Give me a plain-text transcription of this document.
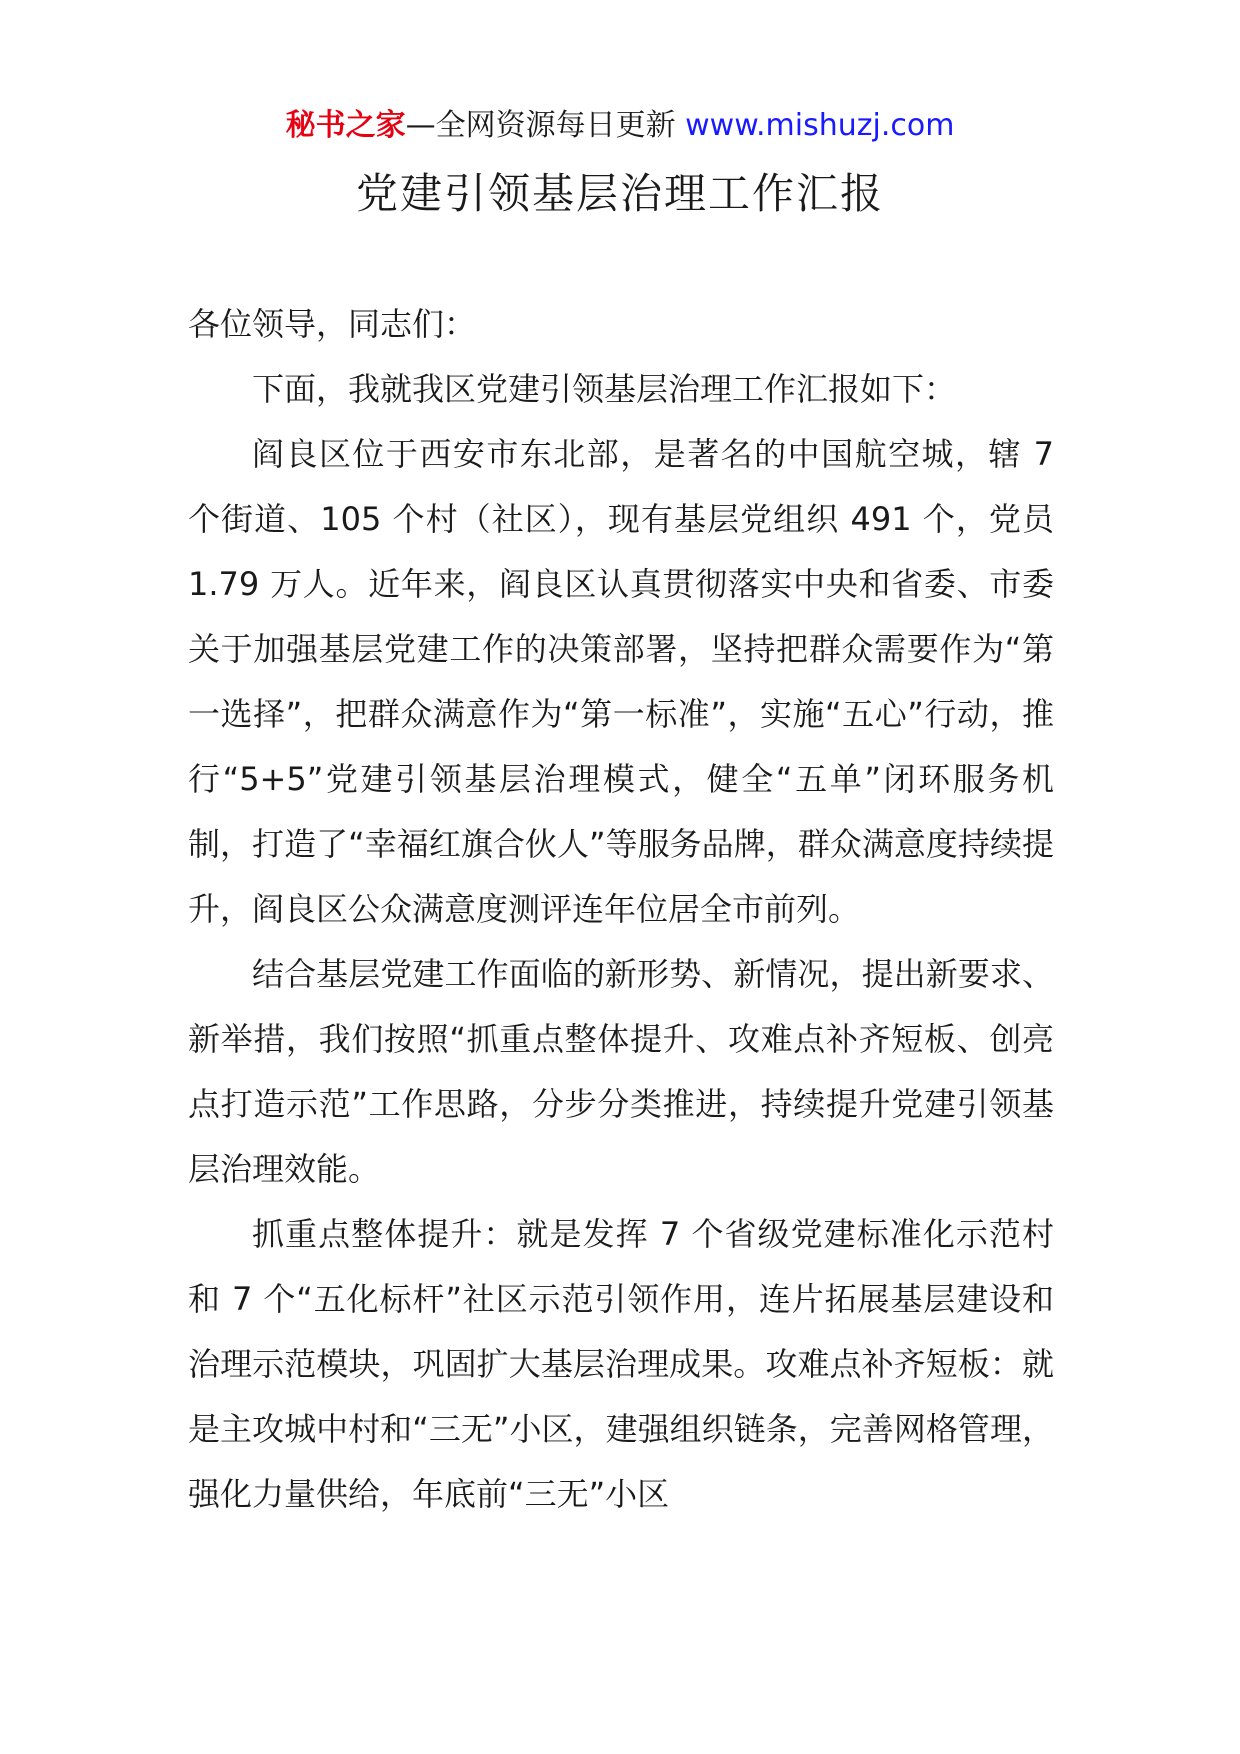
秘书之家—全网资源每日更新 www.mishuzj.com
党建引领基层治理工作汇报

各位领导，同志们：

下面，我就我区党建引领基层治理工作汇报如下：

阎良区位于西安市东北部，是著名的中国航空城，辖 7 个街道、105 个村（社区），现有基层党组织 491 个，党员 1.79 万人。近年来，阎良区认真贯彻落实中央和省委、市委关于加强基层党建工作的决策部署，坚持把群众需要作为“第一选择”，把群众满意作为“第一标准”，实施“五心”行动，推行“5+5”党建引领基层治理模式，健全“五单”闭环服务机制，打造了“幸福红旗合伙人”等服务品牌，群众满意度持续提升，阎良区公众满意度测评连年位居全市前列。

结合基层党建工作面临的新形势、新情况，提出新要求、新举措，我们按照“抓重点整体提升、攻难点补齐短板、创亮点打造示范”工作思路，分步分类推进，持续提升党建引领基层治理效能。

抓重点整体提升：就是发挥 7 个省级党建标准化示范村和 7 个“五化标杆”社区示范引领作用，连片拓展基层建设和治理示范模块，巩固扩大基层治理成果。攻难点补齐短板：就是主攻城中村和“三无”小区，建强组织链条，完善网格管理，强化力量供给，年底前“三无”小区
